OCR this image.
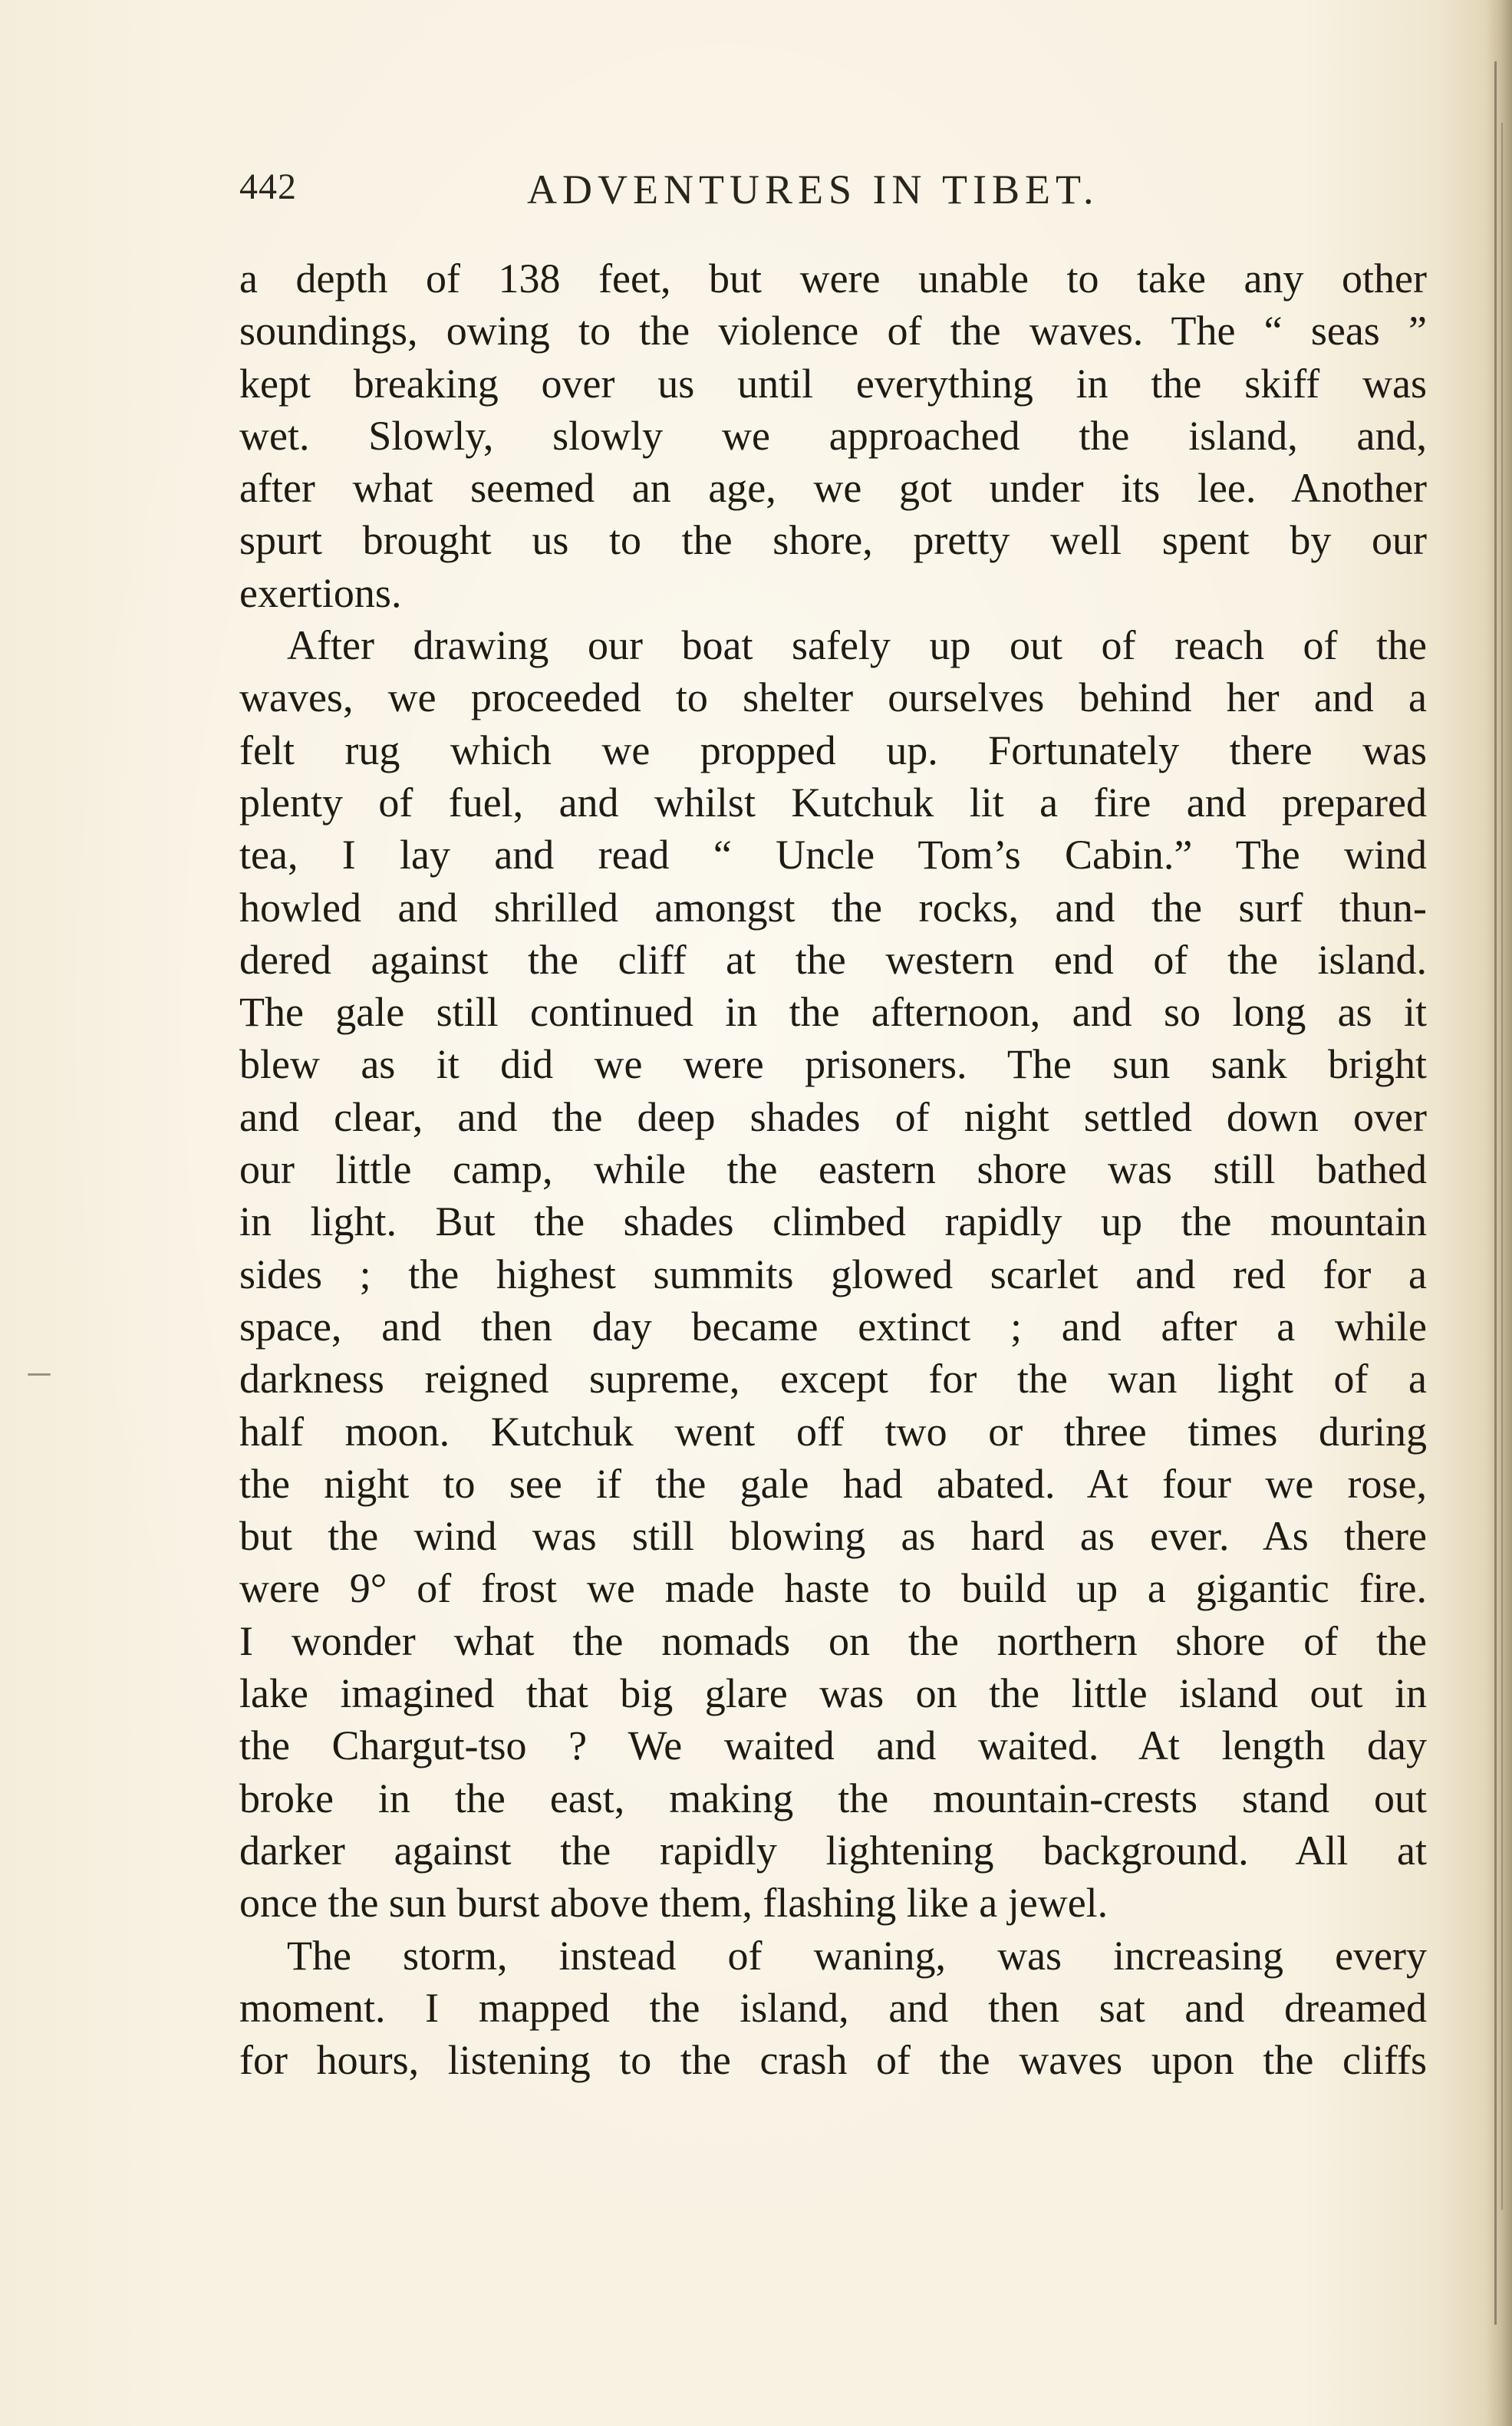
442	ADVENTURES IN TIBET.

a depth of 138 feet, but were unable to take any other

soundings, owing to the violence of the waves. The “ seas ”

kept breaking over us until everything in the skiff was

wet. Slowly, slowly we approached the island, and,

after what seemed an age, we got under its lee. Another

spurt brought us to the shore, pretty well spent by our

exertions.

After drawing our boat safely up out of reach of the

waves, we proceeded to shelter ourselves behind her and a

felt rug which we propped up. Fortunately there was

plenty of fuel, and whilst Kutchuk lit a fire and prepared

tea, I lay and read “ Uncle Tom’s Cabin.” The wind

howled and shrilled amongst the rocks, and the surf thun-

dered against the cliff at the western end of the island.

The gale still continued in the afternoon, and so long as it

blew as it did we were prisoners. The sun sank bright

and clear, and the deep shades of night settled down over

our little camp, while the eastern shore was still bathed

in light. But the shades climbed rapidly up the mountain

sides ; the highest summits glowed scarlet and red for a

space, and then day became extinct ; and after a while

darkness reigned supreme, except for the wan light of a

half moon. Kutchuk went off two or three times during

the night to see if the gale had abated. At four we rose,

but the wind was still blowing as hard as ever. As there

were 9° of frost we made haste to build up a gigantic fire.

I wonder what the nomads on the northern shore of the

lake imagined that big glare was on the little island out in

the Chargut-tso ? We waited and waited. At length day

broke in the east, making the mountain-crests stand out

darker against the rapidly lightening background. All at

once the sun burst above them, flashing like a jewel.

The storm, instead of waning, was increasing every

moment. I mapped the island, and then sat and dreamed

for hours, listening to the crash of the waves upon the cliffs
